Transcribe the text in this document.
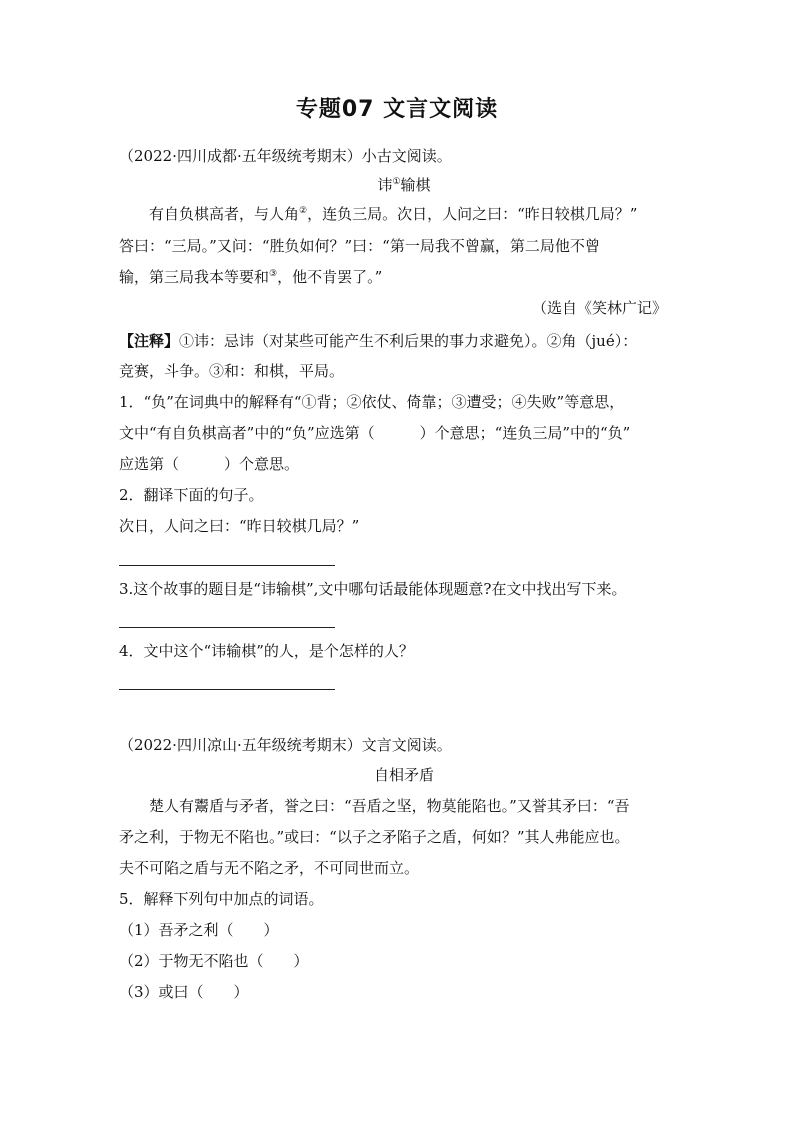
专题07 文言文阅读
（2022·四川成都·五年级统考期末）小古文阅读。
讳①输棋
有自负棋高者，与人角②，连负三局。次日，人问之曰：“昨日较棋几局？”
答曰：“三局。”又问：“胜负如何？”曰：“第一局我不曾赢，第二局他不曾
输，第三局我本等要和③，他不肯罢了。”
（选自《笑林广记》
【注释】①讳：忌讳（对某些可能产生不利后果的事力求避免）。②角（jué）：
竞赛，斗争。③和：和棋，平局。
1．“负”在词典中的解释有“①背；②依仗、倚靠；③遭受；④失败”等意思，
文中“有自负棋高者”中的“负”应选第（　　　）个意思；“连负三局”中的“负”
应选第（　　　）个意思。
2．翻译下面的句子。
次日，人问之曰：“昨日较棋几局？”
3.这个故事的题目是“讳输棋”,文中哪句话最能体现题意?在文中找出写下来。
4．文中这个“讳输棋”的人，是个怎样的人？
（2022·四川凉山·五年级统考期末）文言文阅读。
自相矛盾
楚人有鬻盾与矛者，誉之曰：“吾盾之坚，物莫能陷也。”又誉其矛曰：“吾
矛之利，于物无不陷也。”或曰：“以子之矛陷子之盾，何如？”其人弗能应也。
夫不可陷之盾与无不陷之矛，不可同世而立。
5．解释下列句中加点的词语。
（1）吾矛之利（　　）
（2）于物无不陷也（　　）
（3）或曰（　　）
